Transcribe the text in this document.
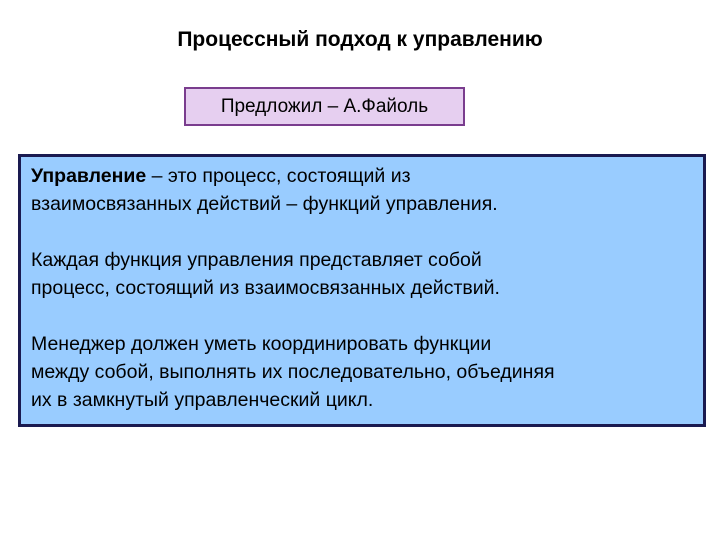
Процессный подход к управлению
Предложил – А.Файоль
Управление – это процесс, состоящий из
взаимосвязанных действий – функций управления.
Каждая функция управления представляет собой
процесс, состоящий из взаимосвязанных действий.
Менеджер должен уметь координировать функции
между собой, выполнять их последовательно, объединяя
их в замкнутый управленческий цикл.
